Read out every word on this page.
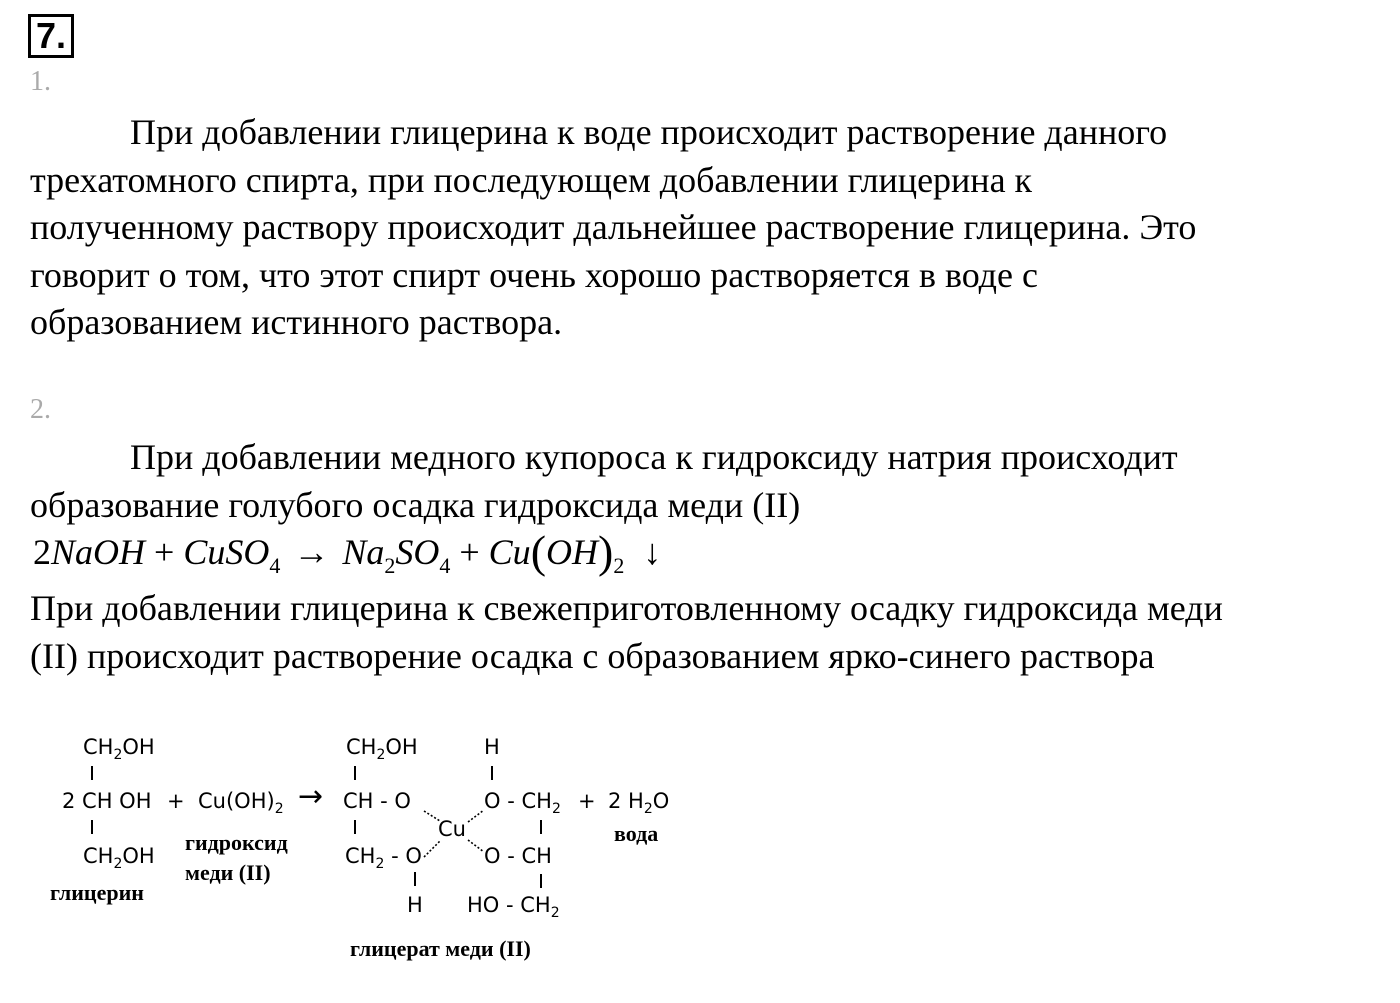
7.
1.
При добавлении глицерина к воде происходит растворение данного
трехатомного спирта, при последующем добавлении глицерина к
полученному раствору происходит дальнейшее растворение глицерина. Это
говорит о том, что этот спирт очень хорошо растворяется в воде с
образованием истинного раствора.
2.
При добавлении медного купороса к гидроксиду натрия происходит
образование голубого осадка гидроксида меди (II)
2NaOH + CuSO$_4$ → $Na_2SO_4 + Cu(OH)_2$ ↓
При добавлении глицерина к свежеприготовленному осадку гидроксида меди
(II) происходит растворение осадка с образованием ярко-синего раствора
$CH_2OH$
2 CH OH
$CH_2OH$
глицерин
+ $Cu(OH)_2$
гидроксид
меди (II)
→
$CH_2OH$
CH - O
$CH_2$ - O
H
Cu
H
O - $CH_2$
O - CH
HO - $CH_2$
глицерат меди (II)
+ 2 $H_2O$
вода
